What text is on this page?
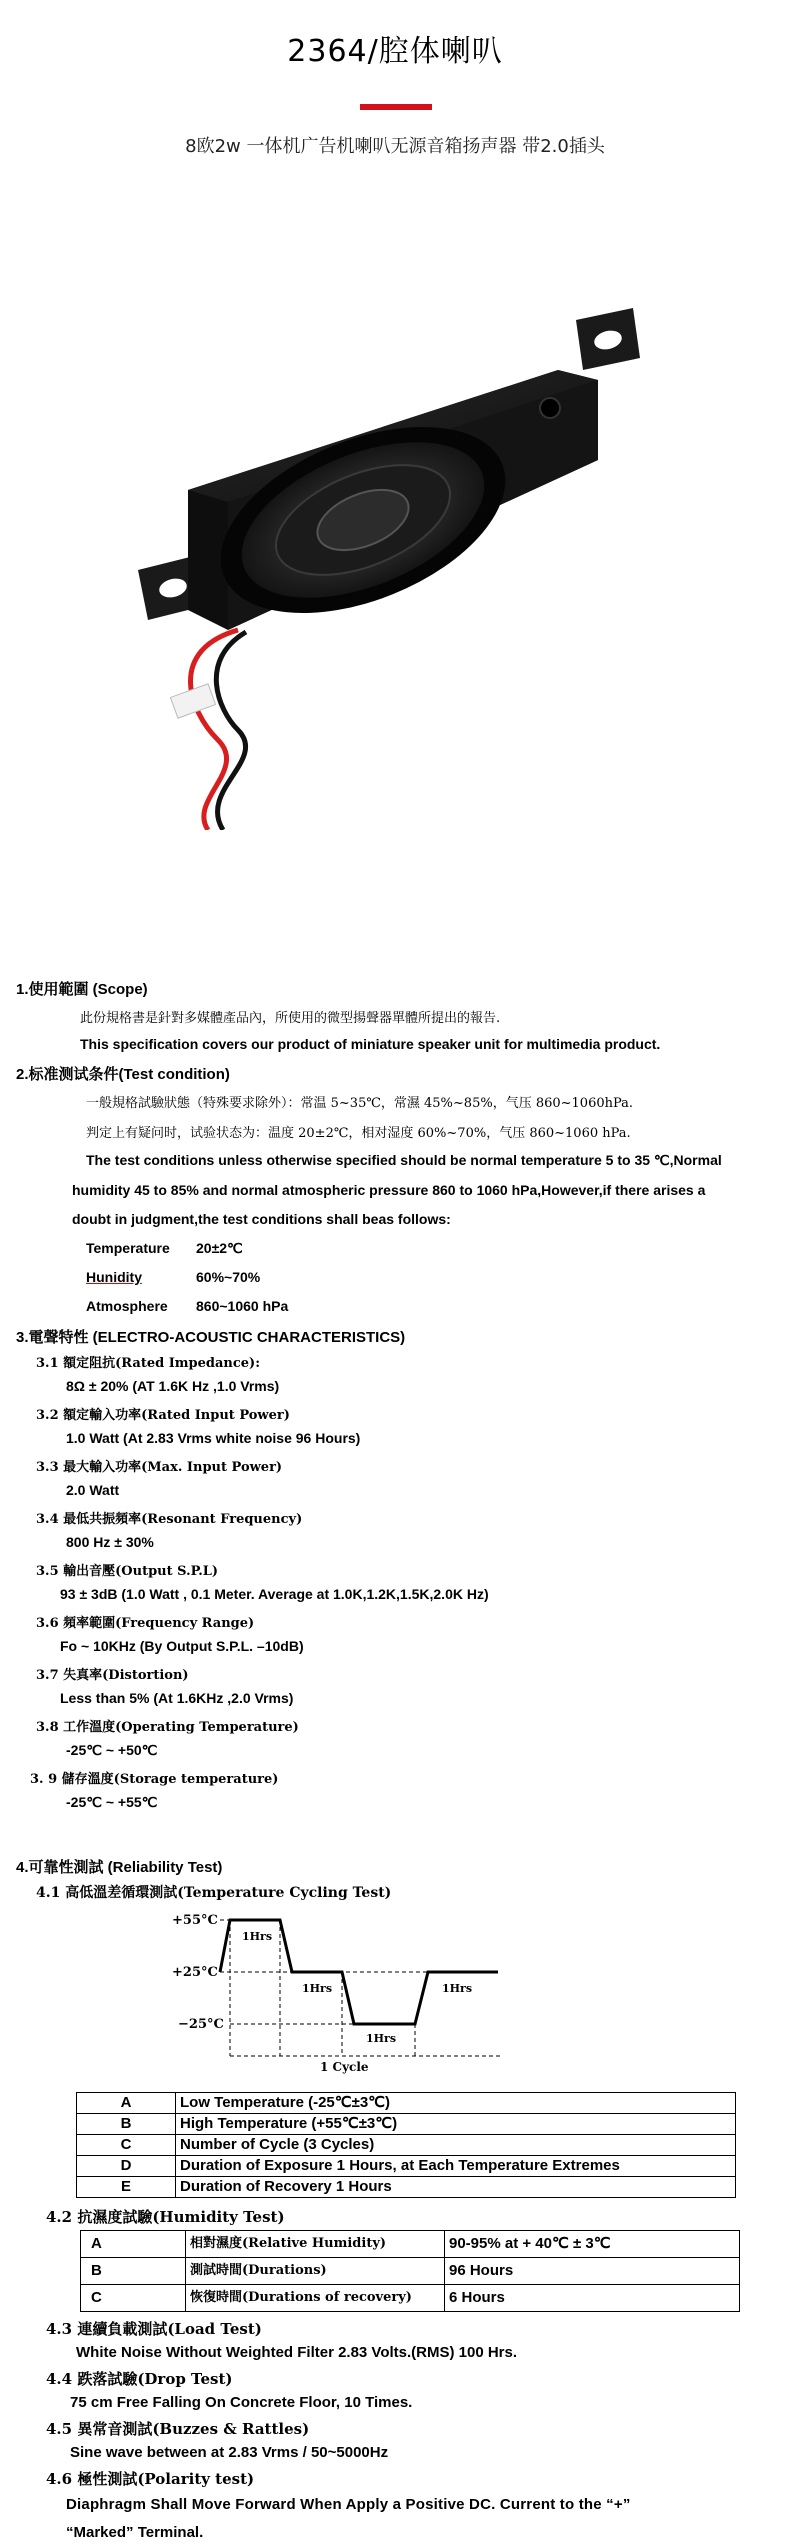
2364/腔体喇叭
8欧2w 一体机广告机喇叭无源音箱扬声器 带2.0插头
1.使用範圍 (Scope)
此份規格書是針對多媒體產品內，所使用的微型揚聲器單體所提出的報告.
This specification covers our product of miniature speaker unit for multimedia product.
2.标准测试条件(Test condition)
一般規格試驗狀態（特殊要求除外）：常温 5~35℃，常濕 45%~85%，气压 860~1060hPa.
判定上有疑问时，试验状态为：温度 20±2℃，相对湿度 60%~70%，气压 860~1060 hPa.
The test conditions unless otherwise specified should be normal temperature 5 to 35 ℃,Normal
humidity 45 to 85% and normal atmospheric pressure 860 to 1060 hPa,However,if there arises a
doubt in judgment,the test conditions shall beas follows:
Temperature 20±2℃
Hunidity	60%~70%
Atmosphere 860~1060 hPa
3.電聲特性 (ELECTRO-ACOUSTIC CHARACTERISTICS)
3.1 額定阻抗(Rated Impedance):
8Ω ± 20% (AT 1.6K Hz ,1.0 Vrms)
3.2 額定輸入功率(Rated Input Power)
1.0 Watt (At 2.83 Vrms white noise 96 Hours)
3.3 最大輸入功率(Max. Input Power)
2.0 Watt
3.4 最低共振頻率(Resonant Frequency)
800 Hz ± 30%
3.5 輸出音壓(Output S.P.L)
93 ± 3dB (1.0 Watt , 0.1 Meter. Average at 1.0K,1.2K,1.5K,2.0K Hz)
3.6 頻率範圍(Frequency Range)
Fo ~ 10KHz (By Output S.P.L. –10dB)
3.7 失真率(Distortion)
Less than 5% (At 1.6KHz ,2.0 Vrms)
3.8 工作溫度(Operating Temperature)
-25℃ ~ +50℃
3. 9 儲存溫度(Storage temperature)
-25℃ ~ +55℃
4.可靠性測試 (Reliability Test)
4.1 高低溫差循環測試(Temperature Cycling Test)
+55°C
+25°C
−25°C
1Hrs
1Hrs
1Hrs
1Hrs
1 Cycle
A	Low Temperature (-25℃±3℃)
B	High Temperature (+55℃±3℃)
C	Number of Cycle (3 Cycles)
D	Duration of Exposure 1 Hours, at Each Temperature Extremes
E	Duration of Recovery 1 Hours
4.2 抗濕度試驗(Humidity Test)
A	相對濕度(Relative Humidity)	90-95% at + 40℃ ± 3℃
B	測試時間(Durations)	96 Hours
C	恢復時間(Durations of recovery)	6 Hours
4.3 連續負載測試(Load Test)
White Noise Without Weighted Filter 2.83 Volts.(RMS) 100 Hrs.
4.4 跌落試驗(Drop Test)
75 cm Free Falling On Concrete Floor, 10 Times.
4.5 異常音測試(Buzzes & Rattles)
Sine wave between at 2.83 Vrms / 50~5000Hz
4.6 極性測試(Polarity test)
Diaphragm Shall Move Forward When Apply a Positive DC. Current to the “+”
“Marked” Terminal.
